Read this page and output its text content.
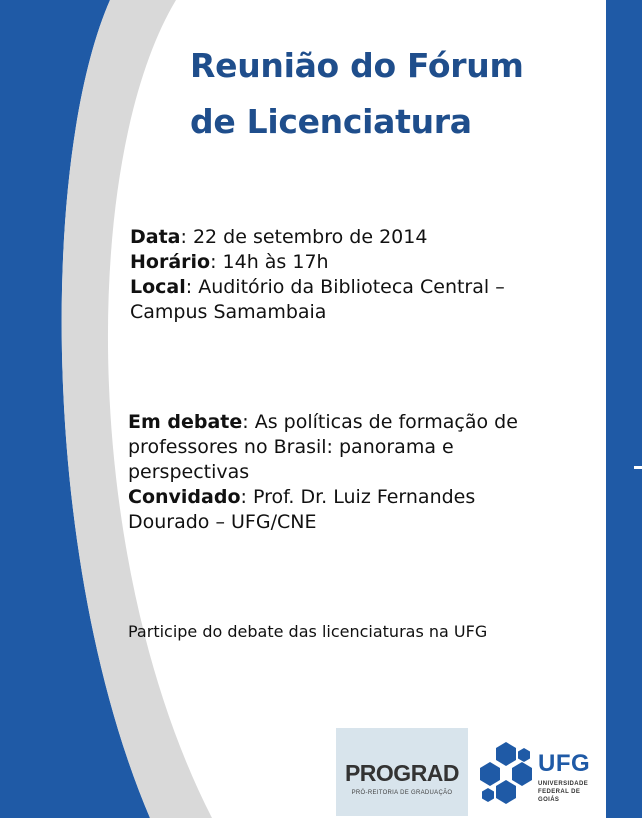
Reunião do Fórum
de Licenciatura
Data: 22 de setembro de 2014
Horário: 14h às 17h
Local: Auditório da Biblioteca Central –
Campus Samambaia
Em debate: As políticas de formação de
professores no Brasil: panorama e
perspectivas
Convidado: Prof. Dr. Luiz Fernandes
Dourado – UFG/CNE
Participe do debate das licenciaturas na UFG
PROGRAD
PRÓ-REITORIA DE GRADUAÇÃO
UFG
UNIVERSIDADE
FEDERAL DE GOIÁS
